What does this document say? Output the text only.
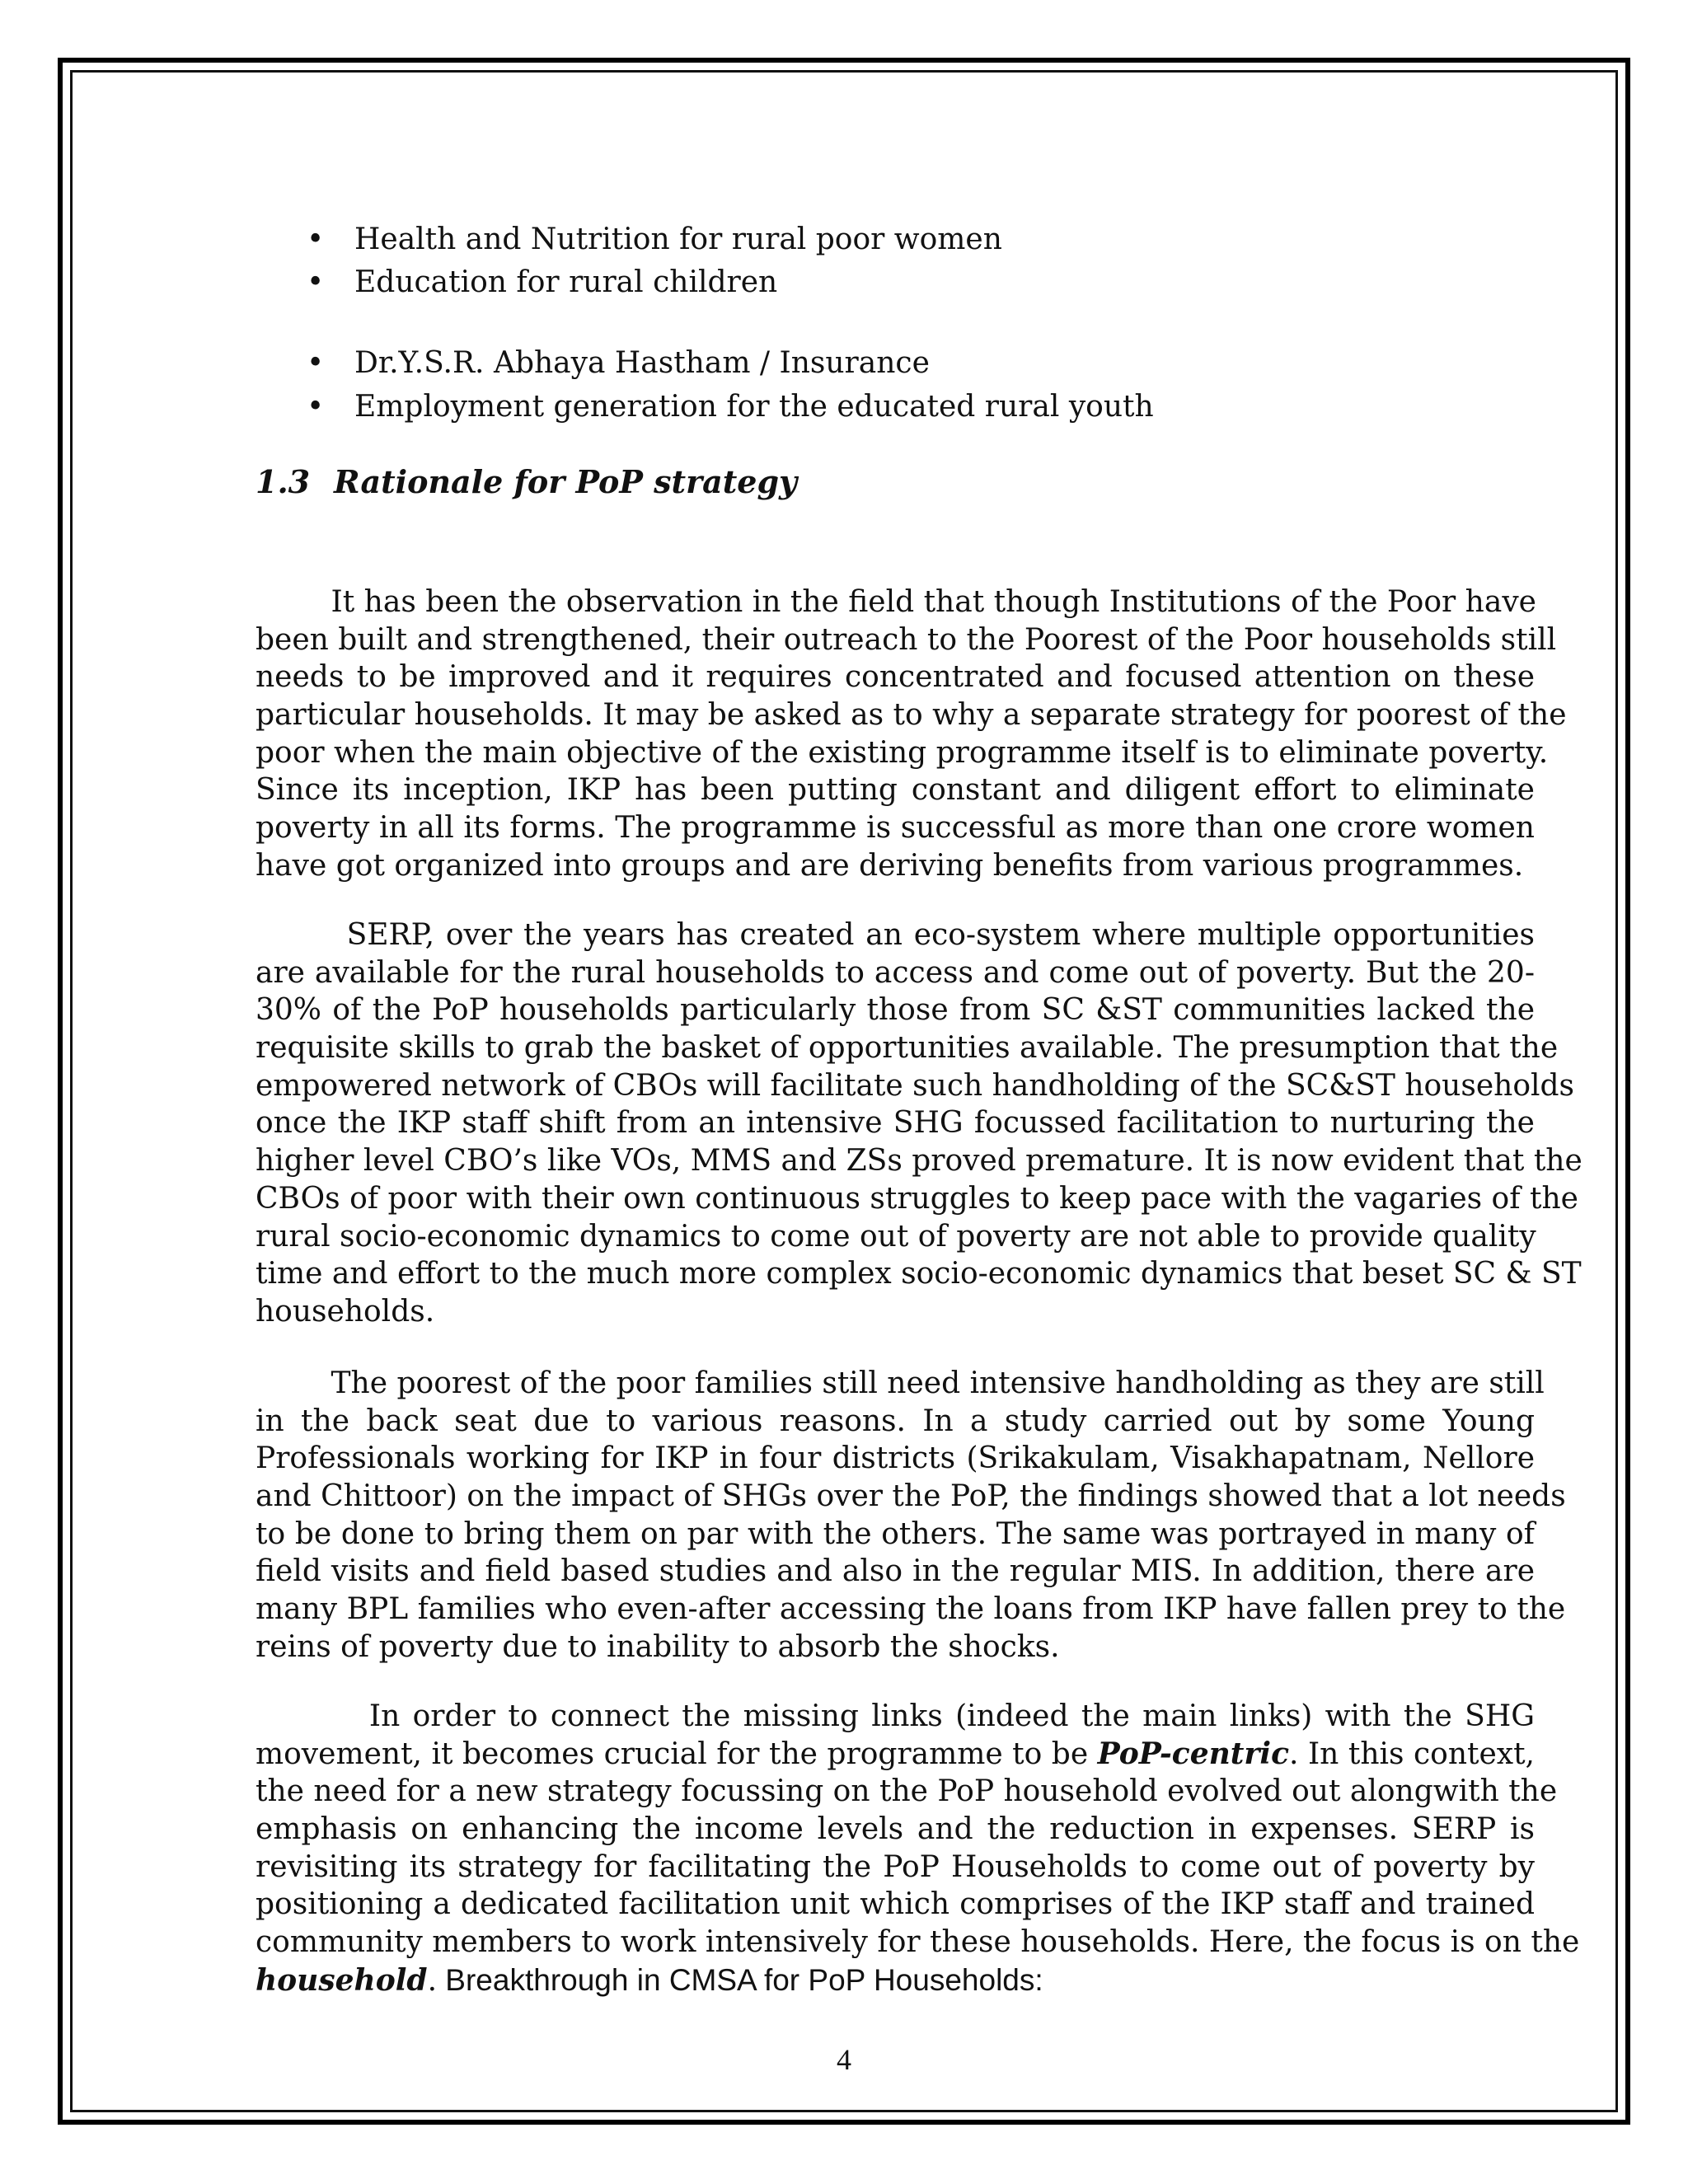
• Health and Nutrition for rural poor women
• Education for rural children
• Dr.Y.S.R. Abhaya Hastham / Insurance
• Employment generation for the educated rural youth
1.3 Rationale for PoP strategy
It has been the observation in the field that though Institutions of the Poor have
been built and strengthened, their outreach to the Poorest of the Poor households still
needs to be improved and it requires concentrated and focused attention on these
particular households. It may be asked as to why a separate strategy for poorest of the
poor when the main objective of the existing programme itself is to eliminate poverty.
Since its inception, IKP has been putting constant and diligent effort to eliminate
poverty in all its forms. The programme is successful as more than one crore women
have got organized into groups and are deriving benefits from various programmes.
SERP, over the years has created an eco-system where multiple opportunities
are available for the rural households to access and come out of poverty. But the 20-
30% of the PoP households particularly those from SC &ST communities lacked the
requisite skills to grab the basket of opportunities available. The presumption that the
empowered network of CBOs will facilitate such handholding of the SC&ST households
once the IKP staff shift from an intensive SHG focussed facilitation to nurturing the
higher level CBO’s like VOs, MMS and ZSs proved premature. It is now evident that the
CBOs of poor with their own continuous struggles to keep pace with the vagaries of the
rural socio-economic dynamics to come out of poverty are not able to provide quality
time and effort to the much more complex socio-economic dynamics that beset SC & ST
households.
The poorest of the poor families still need intensive handholding as they are still
in the back seat due to various reasons. In a study carried out by some Young
Professionals working for IKP in four districts (Srikakulam, Visakhapatnam, Nellore
and Chittoor) on the impact of SHGs over the PoP, the findings showed that a lot needs
to be done to bring them on par with the others. The same was portrayed in many of
field visits and field based studies and also in the regular MIS. In addition, there are
many BPL families who even-after accessing the loans from IKP have fallen prey to the
reins of poverty due to inability to absorb the shocks.
In order to connect the missing links (indeed the main links) with the SHG
movement, it becomes crucial for the programme to be PoP-centric. In this context,
the need for a new strategy focussing on the PoP household evolved out alongwith the
emphasis on enhancing the income levels and the reduction in expenses. SERP is
revisiting its strategy for facilitating the PoP Households to come out of poverty by
positioning a dedicated facilitation unit which comprises of the IKP staff and trained
community members to work intensively for these households. Here, the focus is on the
household. Breakthrough in CMSA for PoP Households:
4
